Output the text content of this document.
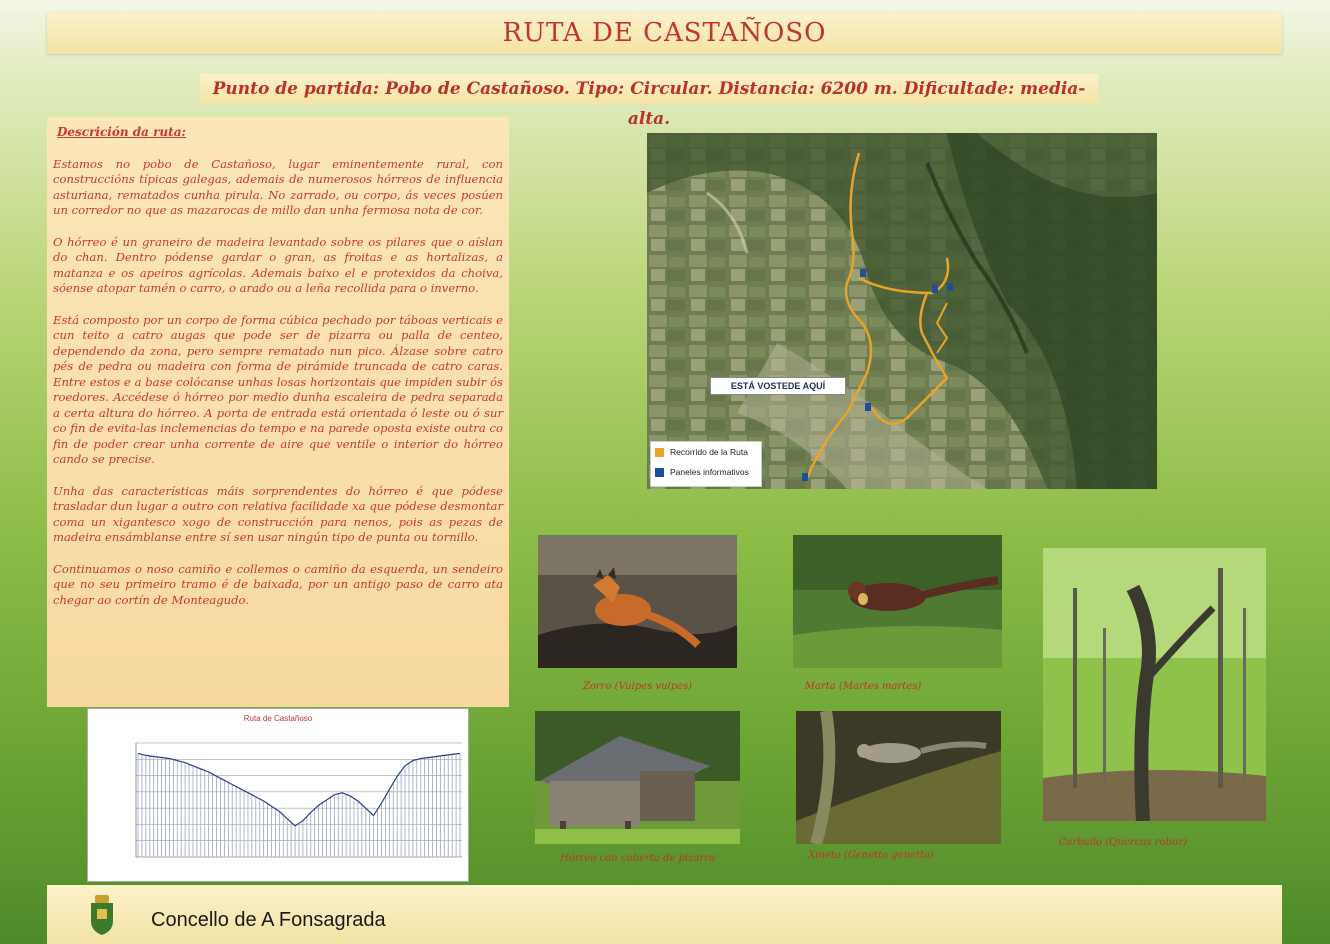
RUTA DE CASTAÑOSO
Punto de partida: Pobo de Castañoso. Tipo: Circular. Distancia: 6200 m. Dificultade: media-alta.
Descrición da ruta:

Estamos no pobo de Castañoso, lugar eminentemente rural, con construccións típicas galegas, ademais de numerosos hórreos de influencia asturiana, rematados cunha pirula. No zarrado, ou corpo, ás veces posúen un corredor no que as mazarocas de millo dan unha fermosa nota de cor.

O hórreo é un graneiro de madeira levantado sobre os pilares que o aíslan do chan. Dentro pódense gardar o gran, as froitas e as hortalizas, a matanza e os apeiros agrícolas. Ademais baixo el e protexidos da choiva, sóense atopar tamén o carro, o arado ou a leña recollida para o inverno.

Está composto por un corpo de forma cúbica pechado por táboas verticais e cun teito a catro augas que pode ser de pizarra ou palla de centeo, dependendo da zona, pero sempre rematado nun pico. Álzase sobre catro pés de pedra ou madeira con forma de pirámide truncada de catro caras. Entre estos e a base colócanse unhas losas horizontais que impiden subir ós roedores. Accédese ó hórreo por medio dunha escaleira de pedra separada a certa altura do hórreo. A porta de entrada está orientada ó leste ou ó sur co fin de evita-las inclemencias do tempo e na parede oposta existe outra co fin de poder crear unha corrente de aire que ventile o interior do hórreo cando se precise.

Unha das características máis sorprendentes do hórreo é que pódese trasladar dun lugar a outro con relativa facilidade xa que pódese desmontar coma un xigantesco xogo de construcción para nenos, pois as pezas de madeira ensámblanse entre sí sen usar ningún tipo de punta ou tornillo.

Continuamos o noso camiño e collemos o camiño da esquerda, un sendeiro que no seu primeiro tramo é de baixada, por un antigo paso de carro ata chegar ao cortín de Monteagudo.

ESTÁ VOSTEDE AQUÍ
Recorrido de la Ruta
Paneles informativos
Ruta de Castañoso
Zorro (Vulpes vulpes)	Marta (Martes martes)
Carballo (Quercus robur)
Hórreo con cuberta de pizarra	Xineta (Genetta genetta)
Concello de A Fonsagrada
